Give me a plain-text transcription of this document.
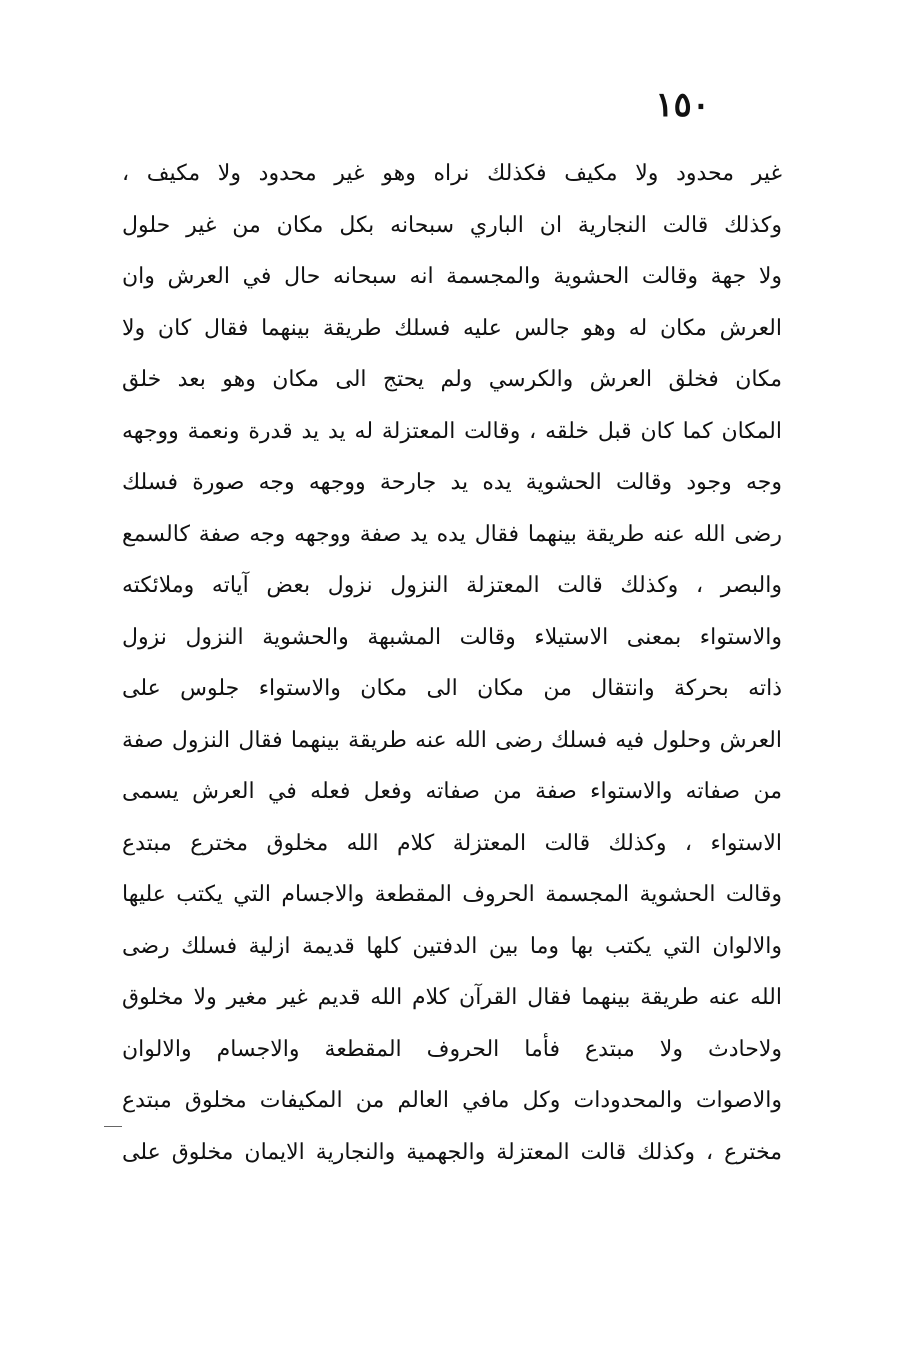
١٥٠
غير محدود ولا مكيف فكذلك نراه وهو غير محدود ولا مكيف ،
وكذلك قالت النجارية ان الباري سبحانه بكل مكان من غير حلول
ولا جهة وقالت الحشوية والمجسمة انه سبحانه حال في العرش وان
العرش مكان له وهو جالس عليه فسلك طريقة بينهما فقال كان ولا
مكان فخلق العرش والكرسي ولم يحتج الى مكان وهو بعد خلق
المكان كما كان قبل خلقه ، وقالت المعتزلة له يد يد قدرة ونعمة ووجهه
وجه وجود وقالت الحشوية يده يد جارحة ووجهه وجه صورة فسلك
رضى الله عنه طريقة بينهما فقال يده يد صفة ووجهه وجه صفة كالسمع
والبصر ، وكذلك قالت المعتزلة النزول نزول بعض آياته وملائكته
والاستواء بمعنى الاستيلاء وقالت المشبهة والحشوية النزول نزول
ذاته بحركة وانتقال من مكان الى مكان والاستواء جلوس على
العرش وحلول فيه فسلك رضى الله عنه طريقة بينهما فقال النزول صفة
من صفاته والاستواء صفة من صفاته وفعل فعله في العرش يسمى
الاستواء ، وكذلك قالت المعتزلة كلام الله مخلوق مخترع مبتدع
وقالت الحشوية المجسمة الحروف المقطعة والاجسام التي يكتب عليها
والالوان التي يكتب بها وما بين الدفتين كلها قديمة ازلية فسلك رضى
الله عنه طريقة بينهما فقال القرآن كلام الله قديم غير مغير ولا مخلوق
ولاحادث ولا مبتدع فأما الحروف المقطعة والاجسام والالوان
والاصوات والمحدودات وكل مافي العالم من المكيفات مخلوق مبتدع
مخترع ، وكذلك قالت المعتزلة والجهمية والنجارية الايمان مخلوق على
